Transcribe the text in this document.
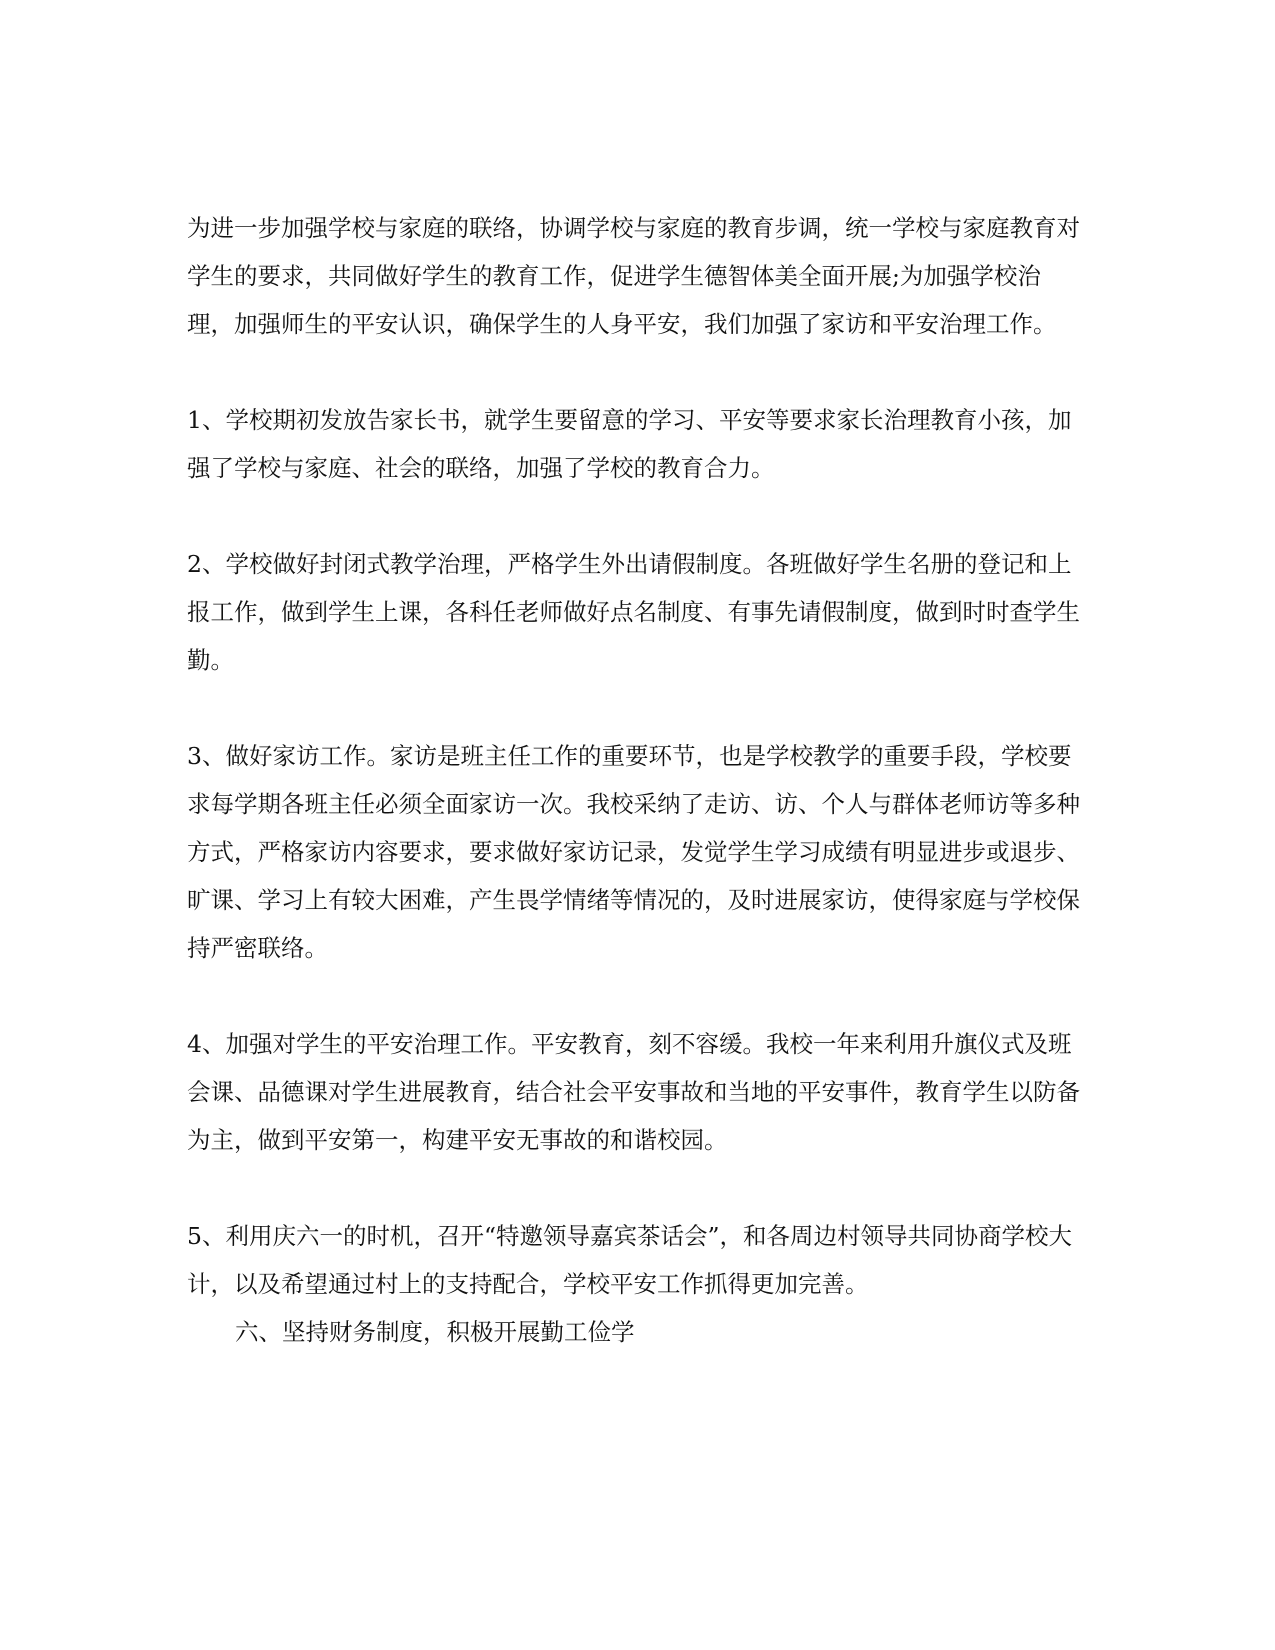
为进一步加强学校与家庭的联络，协调学校与家庭的教育步调，统一学校与家庭教育对学生的要求，共同做好学生的教育工作，促进学生德智体美全面开展;为加强学校治理，加强师生的平安认识，确保学生的人身平安，我们加强了家访和平安治理工作。

1、学校期初发放告家长书，就学生要留意的学习、平安等要求家长治理教育小孩，加强了学校与家庭、社会的联络，加强了学校的教育合力。

2、学校做好封闭式教学治理，严格学生外出请假制度。各班做好学生名册的登记和上报工作，做到学生上课，各科任老师做好点名制度、有事先请假制度，做到时时查学生勤。

3、做好家访工作。家访是班主任工作的重要环节，也是学校教学的重要手段，学校要求每学期各班主任必须全面家访一次。我校采纳了走访、访、个人与群体老师访等多种方式，严格家访内容要求，要求做好家访记录，发觉学生学习成绩有明显进步或退步、旷课、学习上有较大困难，产生畏学情绪等情况的，及时进展家访，使得家庭与学校保持严密联络。

4、加强对学生的平安治理工作。平安教育，刻不容缓。我校一年来利用升旗仪式及班会课、品德课对学生进展教育，结合社会平安事故和当地的平安事件，教育学生以防备为主，做到平安第一，构建平安无事故的和谐校园。

5、利用庆六一的时机，召开“特邀领导嘉宾茶话会”，和各周边村领导共同协商学校大计，以及希望通过村上的支持配合，学校平安工作抓得更加完善。

六、坚持财务制度，积极开展勤工俭学
